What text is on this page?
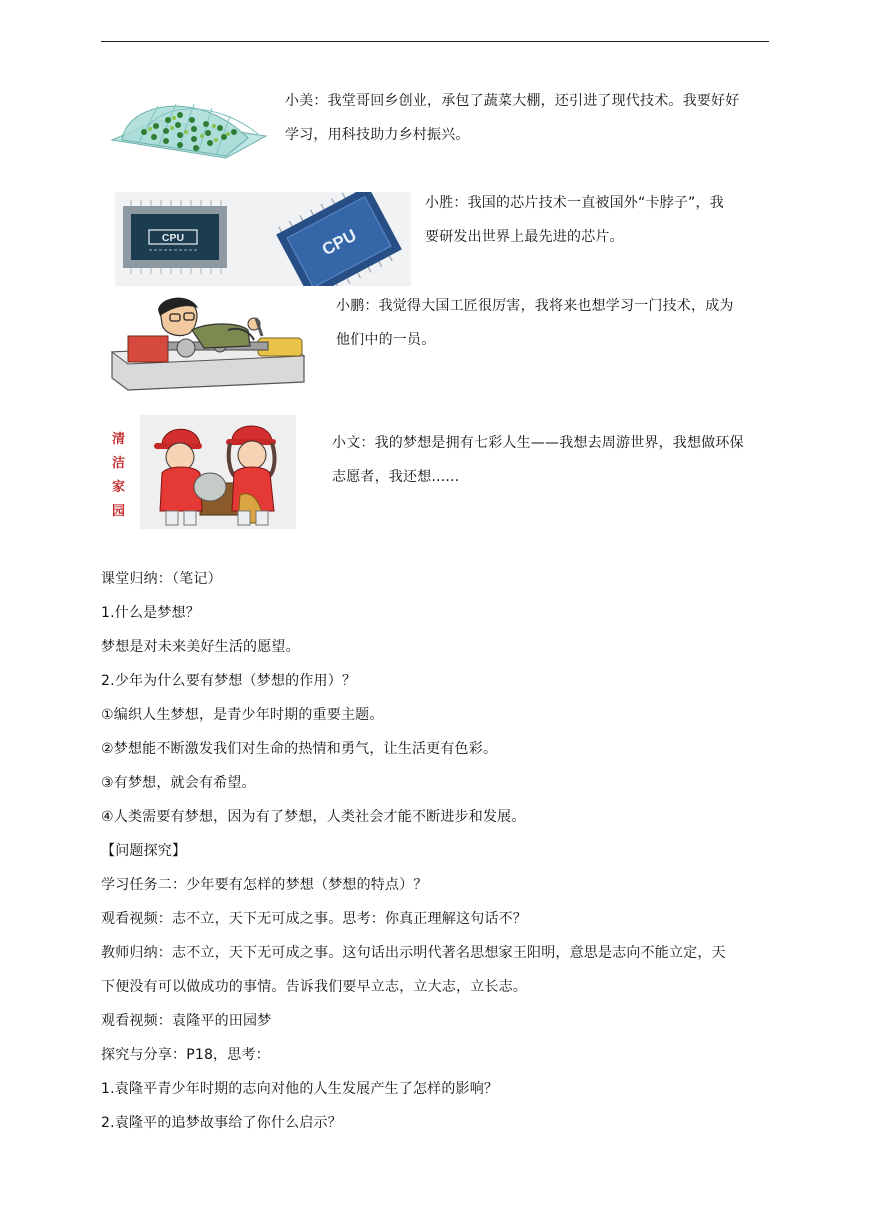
小美：我堂哥回乡创业，承包了蔬菜大棚，还引进了现代技术。我要好好
学习，用科技助力乡村振兴。
CPU	CPU
小胜：我国的芯片技术一直被国外“卡脖子”，我
要研发出世界上最先进的芯片。
小鹏：我觉得大国工匠很厉害，我将来也想学习一门技术，成为
他们中的一员。
清
洁
家
园
小文：我的梦想是拥有七彩人生——我想去周游世界，我想做环保
志愿者，我还想......
课堂归纳：（笔记）
1.什么是梦想？
梦想是对未来美好生活的愿望。
2.少年为什么要有梦想（梦想的作用）？
①编织人生梦想，是青少年时期的重要主题。
②梦想能不断激发我们对生命的热情和勇气，让生活更有色彩。
③有梦想，就会有希望。
④人类需要有梦想，因为有了梦想，人类社会才能不断进步和发展。
【问题探究】
学习任务二：少年要有怎样的梦想（梦想的特点）？
观看视频：志不立，天下无可成之事。思考：你真正理解这句话不？
教师归纳：志不立，天下无可成之事。这句话出示明代著名思想家王阳明，意思是志向不能立定，天
下便没有可以做成功的事情。告诉我们要早立志，立大志，立长志。
观看视频：袁隆平的田园梦
探究与分享：P18，思考：
1.袁隆平青少年时期的志向对他的人生发展产生了怎样的影响？
2.袁隆平的追梦故事给了你什么启示？
